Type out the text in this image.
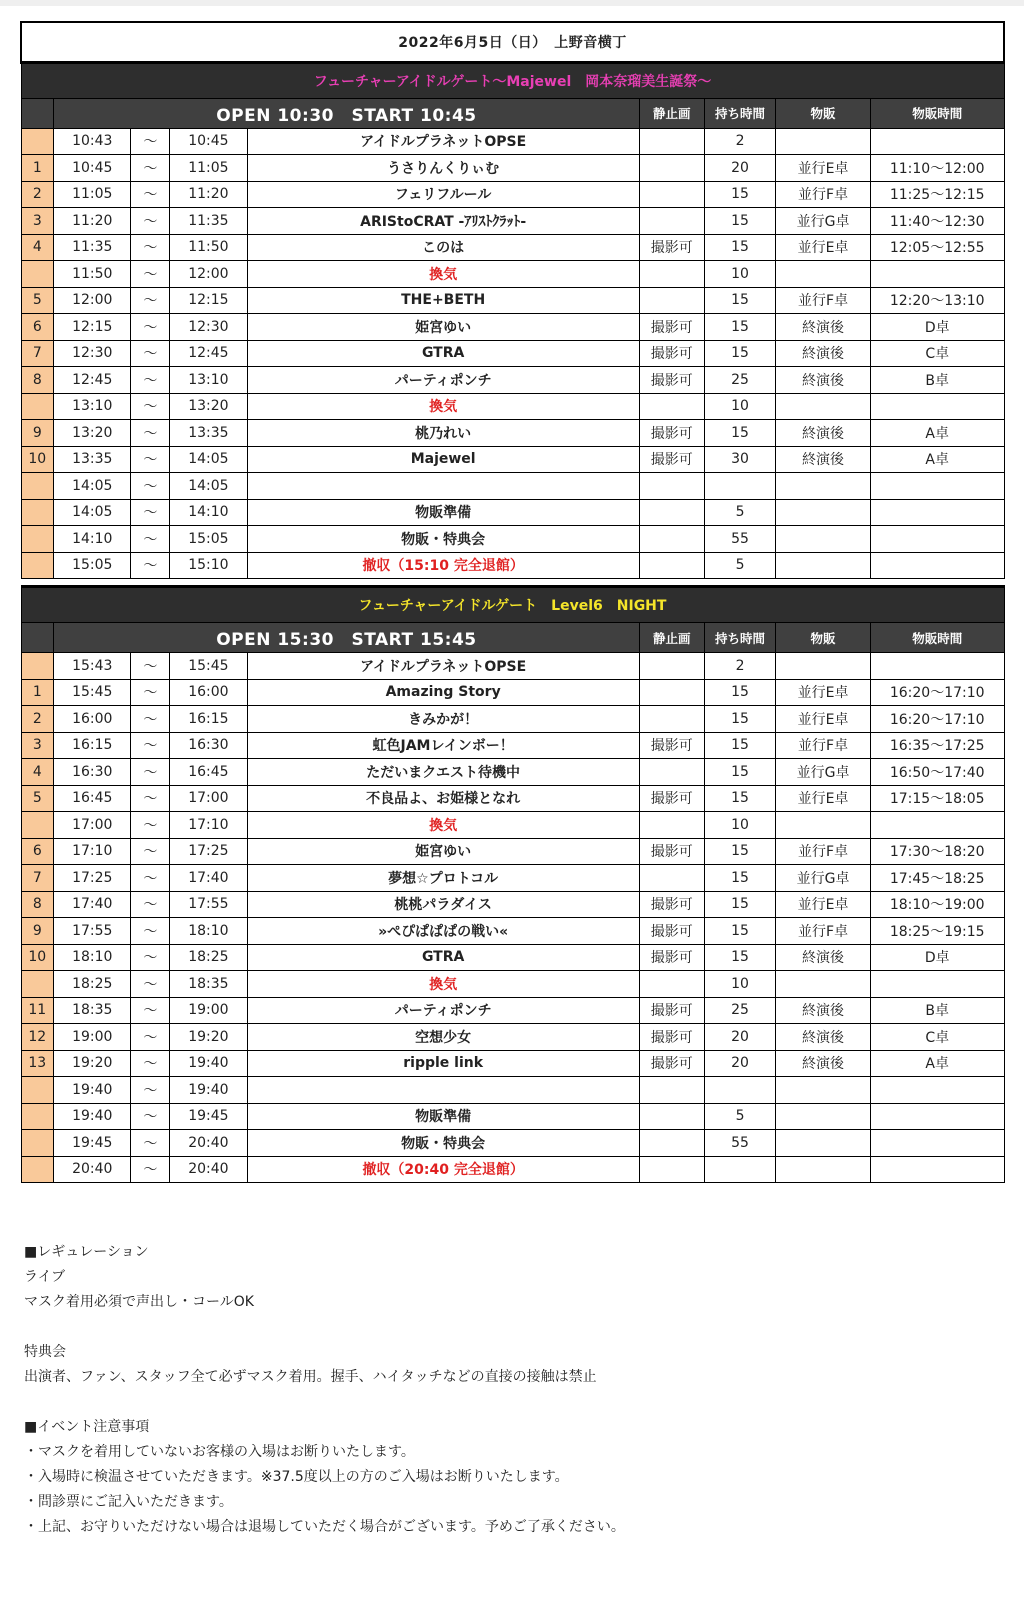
2022年6月5日（日）　上野音横丁								
フューチャーアイドルゲート〜Majewel　岡本奈瑠美生誕祭〜								
	OPEN 10:30　START 10:45				静止画	持ち時間	物販	物販時間
	10:43	〜	10:45	アイドルプラネットOPSE		2		
1	10:45	〜	11:05	うさりんくりぃむ		20	並行E卓	11:10〜12:00
2	11:05	〜	11:20	フェリフルール		15	並行F卓	11:25〜12:15
3	11:20	〜	11:35	ARIStoCRAT -ｱﾘｽﾄｸﾗｯﾄ-		15	並行G卓	11:40〜12:30
4	11:35	〜	11:50	このは	撮影可	15	並行E卓	12:05〜12:55
	11:50	〜	12:00	換気		10		
5	12:00	〜	12:15	THE+BETH		15	並行F卓	12:20〜13:10
6	12:15	〜	12:30	姫宮ゆい	撮影可	15	終演後	D卓
7	12:30	〜	12:45	GTRA	撮影可	15	終演後	C卓
8	12:45	〜	13:10	パーティポンチ	撮影可	25	終演後	B卓
	13:10	〜	13:20	換気		10		
9	13:20	〜	13:35	桃乃れい	撮影可	15	終演後	A卓
10	13:35	〜	14:05	Majewel	撮影可	30	終演後	A卓
	14:05	〜	14:05					
	14:05	〜	14:10	物販準備		5		
	14:10	〜	15:05	物販・特典会		55		
	15:05	〜	15:10	撤収（15:10 完全退館）		5		

フューチャーアイドルゲート　Level6　NIGHT								
	OPEN 15:30　START 15:45				静止画	持ち時間	物販	物販時間
	15:43	〜	15:45	アイドルプラネットOPSE		2		
1	15:45	〜	16:00	Amazing Story		15	並行E卓	16:20〜17:10
2	16:00	〜	16:15	きみかが！		15	並行E卓	16:20〜17:10
3	16:15	〜	16:30	虹色JAMレインボー！	撮影可	15	並行F卓	16:35〜17:25
4	16:30	〜	16:45	ただいまクエスト待機中		15	並行G卓	16:50〜17:40
5	16:45	〜	17:00	不良品よ、お姫様となれ	撮影可	15	並行E卓	17:15〜18:05
	17:00	〜	17:10	換気		10		
6	17:10	〜	17:25	姫宮ゆい	撮影可	15	並行F卓	17:30〜18:20
7	17:25	〜	17:40	夢想☆プロトコル		15	並行G卓	17:45〜18:25
8	17:40	〜	17:55	桃桃パラダイス	撮影可	15	並行E卓	18:10〜19:00
9	17:55	〜	18:10	»ぺぴぱぱぱの戦い«	撮影可	15	並行F卓	18:25〜19:15
10	18:10	〜	18:25	GTRA	撮影可	15	終演後	D卓
	18:25	〜	18:35	換気		10		
11	18:35	〜	19:00	パーティポンチ	撮影可	25	終演後	B卓
12	19:00	〜	19:20	空想少女	撮影可	20	終演後	C卓
13	19:20	〜	19:40	ripple link	撮影可	20	終演後	A卓
	19:40	〜	19:40					
	19:40	〜	19:45	物販準備		5		
	19:45	〜	20:40	物販・特典会		55		
	20:40	〜	20:40	撤収（20:40 完全退館）				

■レギュレーション

ライブ

マスク着用必須で声出し・コールOK

特典会

出演者、ファン、スタッフ全て必ずマスク着用。握手、ハイタッチなどの直接の接触は禁止

■イベント注意事項

・マスクを着用していないお客様の入場はお断りいたします。

・入場時に検温させていただきます。※37.5度以上の方のご入場はお断りいたします。

・問診票にご記入いただきます。

・上記、お守りいただけない場合は退場していただく場合がございます。予めご了承ください。
